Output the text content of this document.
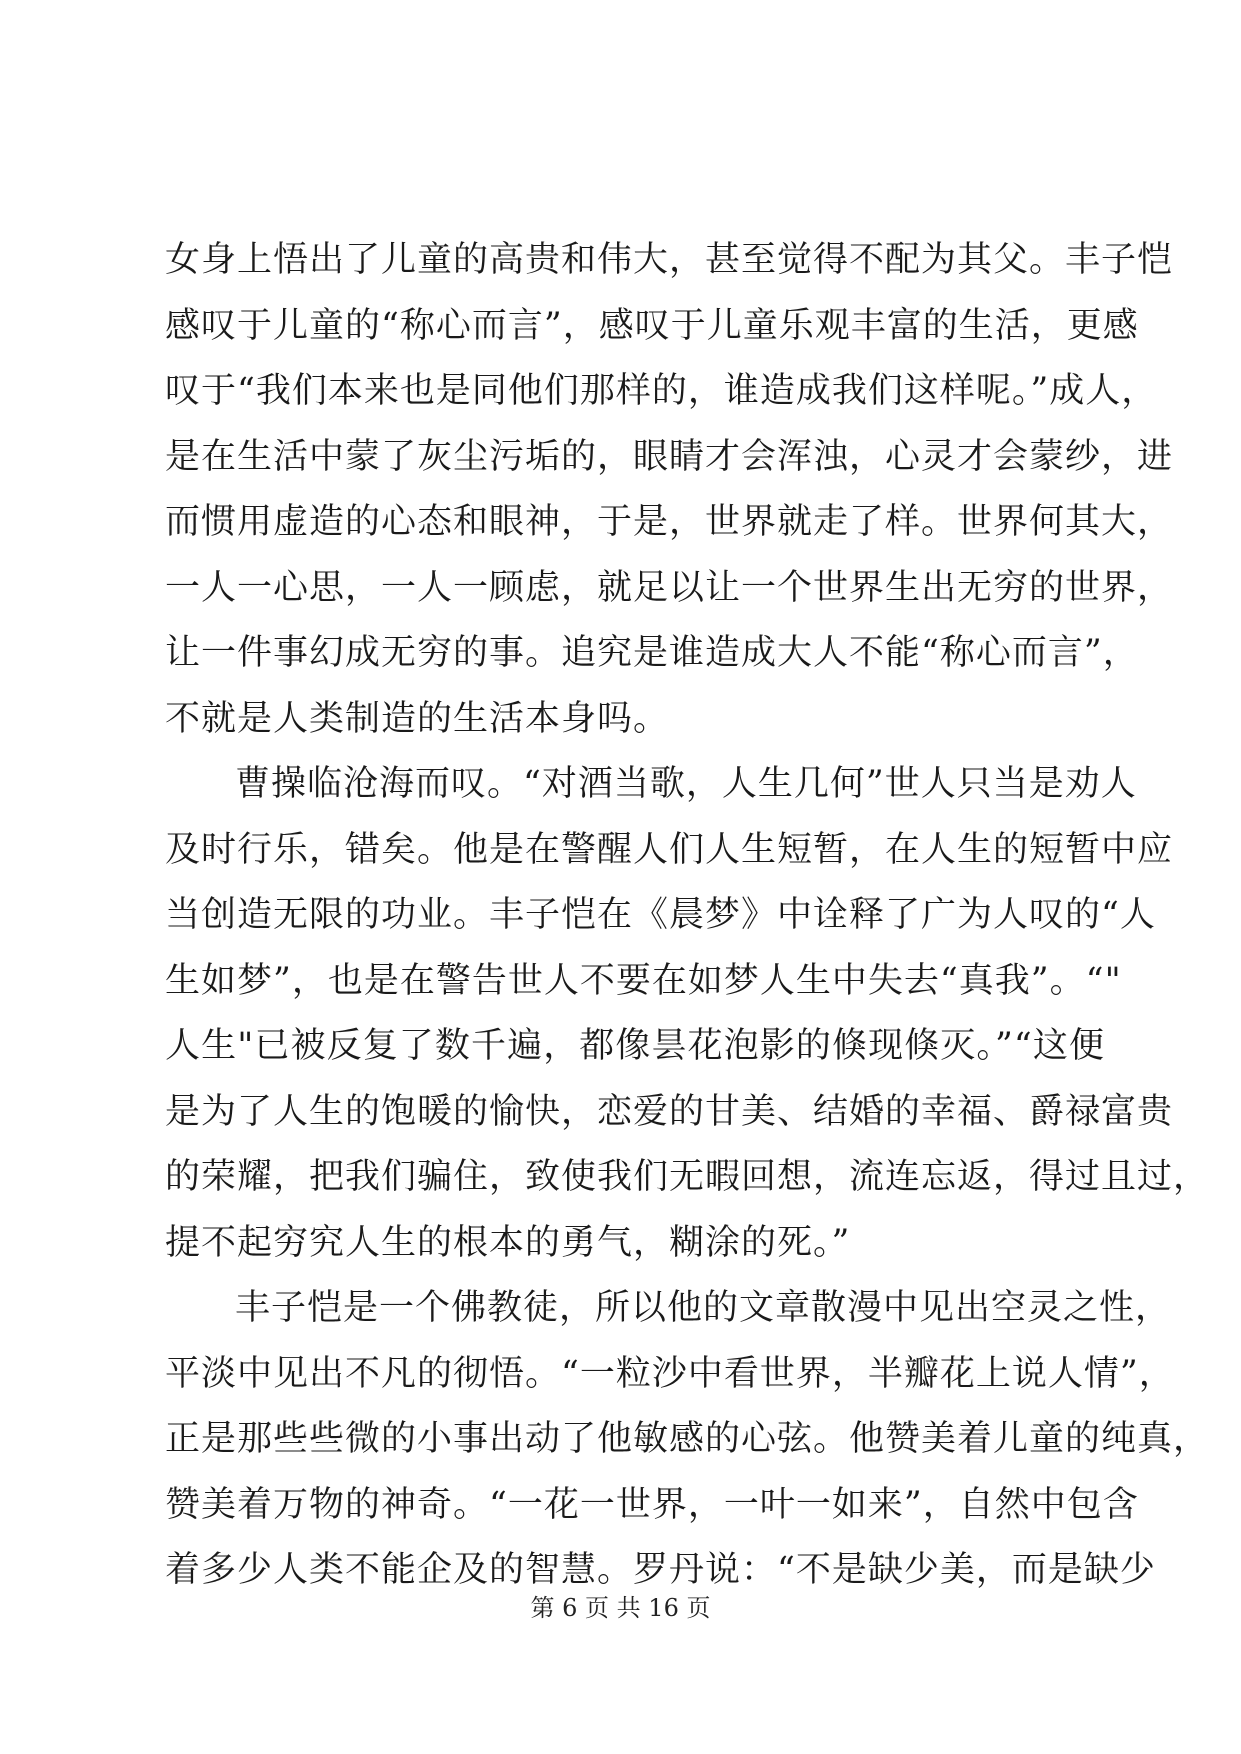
女身上悟出了儿童的高贵和伟大，甚至觉得不配为其父。丰子恺
感叹于儿童的“称心而言”，感叹于儿童乐观丰富的生活，更感
叹于“我们本来也是同他们那样的，谁造成我们这样呢。”成人，
是在生活中蒙了灰尘污垢的，眼睛才会浑浊，心灵才会蒙纱，进
而惯用虚造的心态和眼神，于是，世界就走了样。世界何其大，
一人一心思，一人一顾虑，就足以让一个世界生出无穷的世界，
让一件事幻成无穷的事。追究是谁造成大人不能“称心而言”，
不就是人类制造的生活本身吗。
曹操临沧海而叹。“对酒当歌，人生几何”世人只当是劝人
及时行乐，错矣。他是在警醒人们人生短暂，在人生的短暂中应
当创造无限的功业。丰子恺在《晨梦》中诠释了广为人叹的“人
生如梦”，也是在警告世人不要在如梦人生中失去“真我”。“"
人生"已被反复了数千遍，都像昙花泡影的倏现倏灭。”“这便
是为了人生的饱暖的愉快，恋爱的甘美、结婚的幸福、爵禄富贵
的荣耀，把我们骗住，致使我们无暇回想，流连忘返，得过且过，
提不起穷究人生的根本的勇气，糊涂的死。”
丰子恺是一个佛教徒，所以他的文章散漫中见出空灵之性，
平淡中见出不凡的彻悟。“一粒沙中看世界，半瓣花上说人情”，
正是那些些微的小事出动了他敏感的心弦。他赞美着儿童的纯真，
赞美着万物的神奇。“一花一世界，一叶一如来”，自然中包含
着多少人类不能企及的智慧。罗丹说：“不是缺少美，而是缺少
第 6 页 共 16 页
